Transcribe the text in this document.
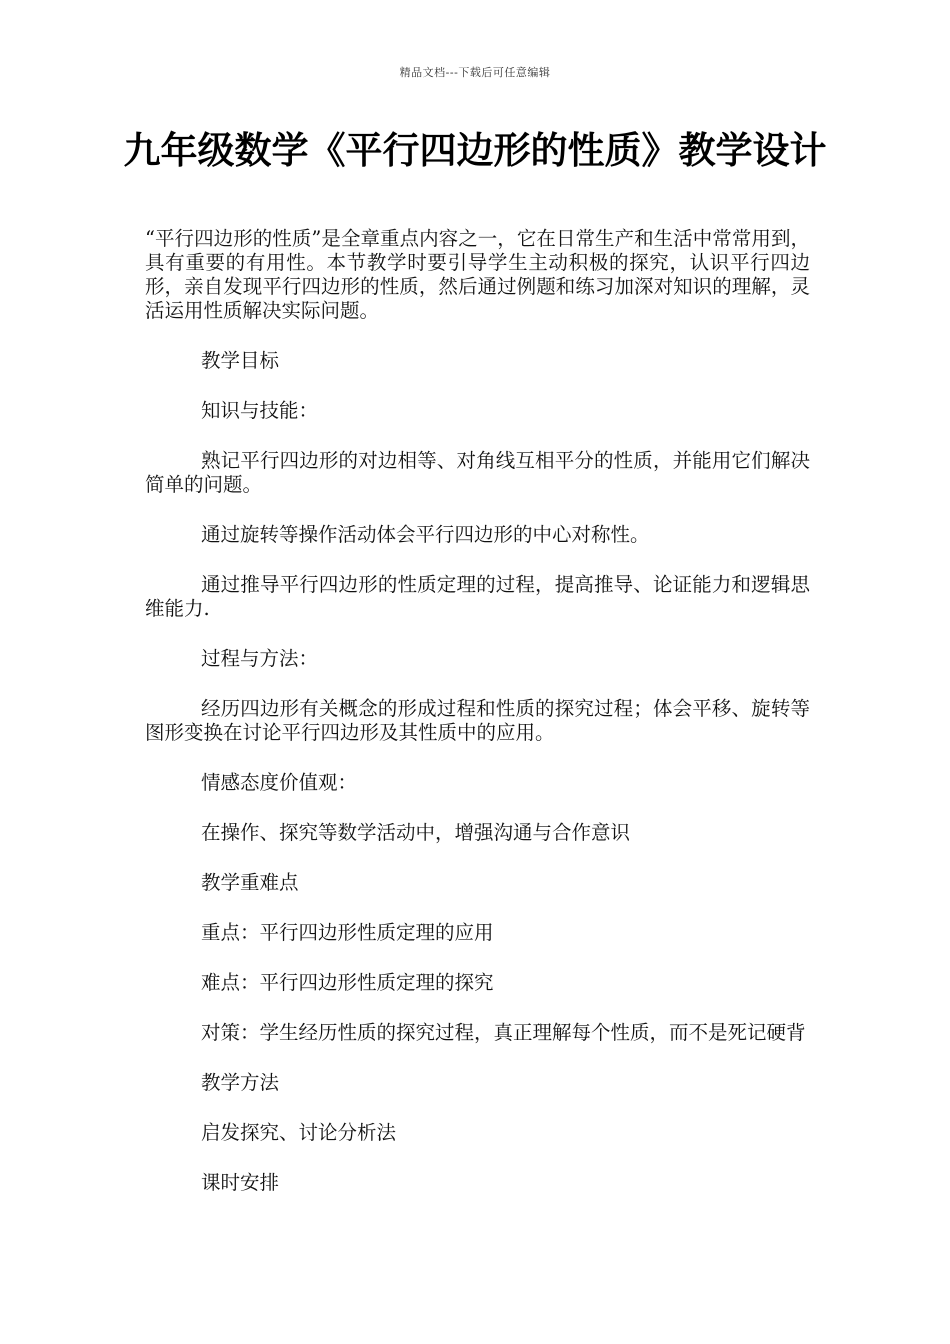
精品文档---下载后可任意编辑
九年级数学《平行四边形的性质》教学设计

“平行四边形的性质”是全章重点内容之一，它在日常生产和生活中常常用到，具有重要的有用性。本节教学时要引导学生主动积极的探究，认识平行四边形，亲自发现平行四边形的性质，然后通过例题和练习加深对知识的理解，灵活运用性质解决实际问题。

教学目标

知识与技能：

熟记平行四边形的对边相等、对角线互相平分的性质，并能用它们解决简单的问题。

通过旋转等操作活动体会平行四边形的中心对称性。

通过推导平行四边形的性质定理的过程，提高推导、论证能力和逻辑思维能力.

过程与方法：

经历四边形有关概念的形成过程和性质的探究过程；体会平移、旋转等图形变换在讨论平行四边形及其性质中的应用。

情感态度价值观：

在操作、探究等数学活动中，增强沟通与合作意识

教学重难点

重点：平行四边形性质定理的应用

难点：平行四边形性质定理的探究

对策：学生经历性质的探究过程，真正理解每个性质，而不是死记硬背

教学方法

启发探究、讨论分析法

课时安排
